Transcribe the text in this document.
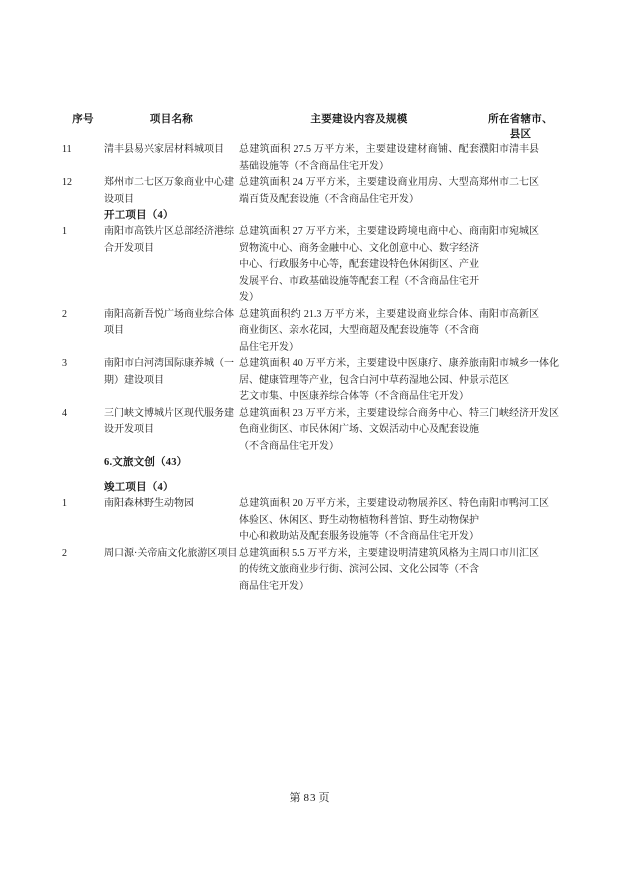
序号	项目名称	主要建设内容及规模	所在省辖市、
县区

11	清丰县易兴家居材料城项目	总建筑面积 27.5 万平方米，主要建设建材商铺、配套基础设施等（不含商品住宅开发）	濮阳市清丰县
12	郑州市二七区万象商业中心建设项目	总建筑面积 24 万平方米，主要建设商业用房、大型高端百货及配套设施（不含商品住宅开发）	郑州市二七区
	开工项目（4）		
1	南阳市高铁片区总部经济港综合开发项目	总建筑面积 27 万平方米，主要建设跨境电商中心、商贸物流中心、商务金融中心、文化创意中心、数字经济中心、行政服务中心等，配套建设特色休闲街区、产业发展平台、市政基础设施等配套工程（不含商品住宅开发）	南阳市宛城区
2	南阳高新吾悦广场商业综合体项目	总建筑面积约 21.3 万平方米，主要建设商业综合体、商业街区、亲水花园，大型商超及配套设施等（不含商品住宅开发）	南阳市高新区
3	南阳市白河湾国际康养城（一期）建设项目	总建筑面积 40 万平方米，主要建设中医康疗、康养旅居、健康管理等产业，包含白河中草药湿地公园、仲景艺文市集、中医康养综合体等（不含商品住宅开发）	南阳市城乡一体化示范区
4	三门峡文博城片区现代服务建设开发项目	总建筑面积 23 万平方米，主要建设综合商务中心、特色商业街区、市民休闲广场、文娱活动中心及配套设施（不含商品住宅开发）	三门峡经济开发区
	6.文旅文创（43）		
	竣工项目（4）		
1	南阳森林野生动物园	总建筑面积 20 万平方米，主要建设动物展养区、特色体验区、休闲区、野生动物植物科普馆、野生动物保护中心和救助站及配套服务设施等（不含商品住宅开发）	南阳市鸭河工区
2	周口源·关帝庙文化旅游区项目	总建筑面积 5.5 万平方米，主要建设明清建筑风格为主的传统文旅商业步行街、滨河公园、文化公园等（不含商品住宅开发）	周口市川汇区
第 83 页
